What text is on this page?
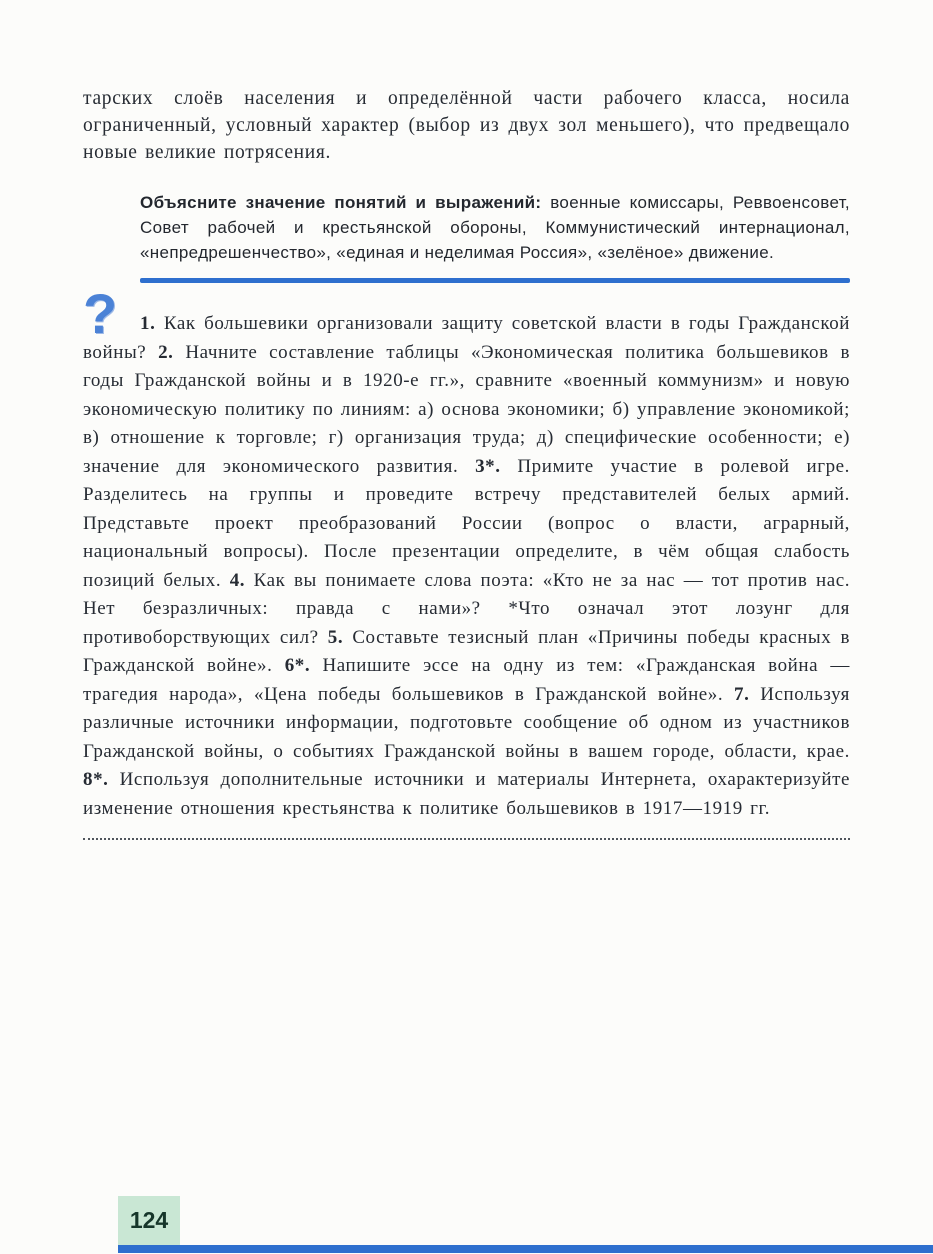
тарских слоёв населения и определённой части рабочего класса, носила ограниченный, условный характер (выбор из двух зол меньшего), что предвещало новые великие потрясения.

Объясните значение понятий и выражений: военные комиссары, Реввоенсовет, Совет рабочей и крестьянской обороны, Коммунистический интернационал, «непредрешенчество», «единая и неделимая Россия», «зелёное» движение.
?	1. Как большевики организовали защиту советской власти в годы Гражданской войны? 2. Начните составление таблицы «Экономическая политика большевиков в годы Гражданской войны и в 1920-е гг.», сравните «военный коммунизм» и новую экономическую политику по линиям: а) основа экономики; б) управление экономикой; в) отношение к торговле; г) организация труда; д) специфические особенности; е) значение для экономического развития. 3*. Примите участие в ролевой игре. Разделитесь на группы и проведите встречу представителей белых армий. Представьте проект преобразований России (вопрос о власти, аграрный, национальный вопросы). После презентации определите, в чём общая слабость позиций белых. 4. Как вы понимаете слова поэта: «Кто не за нас — тот против нас. Нет безразличных: правда с нами»? *Что означал этот лозунг для противоборствующих сил? 5. Составьте тезисный план «Причины победы красных в Гражданской войне». 6*. Напишите эссе на одну из тем: «Гражданская война — трагедия народа», «Цена победы большевиков в Гражданской войне». 7. Используя различные источники информации, подготовьте сообщение об одном из участников Гражданской войны, о событиях Гражданской войны в вашем городе, области, крае. 8*. Используя дополнительные источники и материалы Интернета, охарактеризуйте изменение отношения крестьянства к политике большевиков в 1917—1919 гг.

124
